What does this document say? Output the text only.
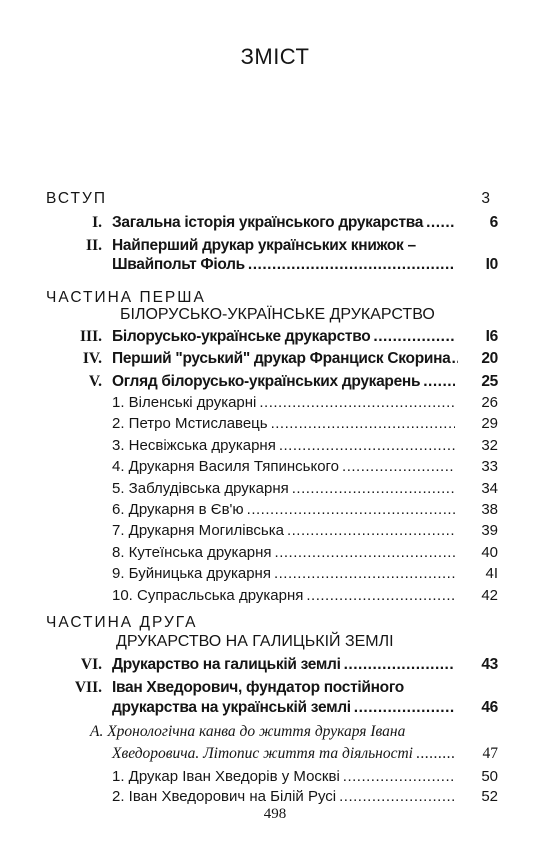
ЗМІСТ
ВСТУП	3
I. Загальна історія українського друкарства .....	6
II. Найперший друкар українських книжок –
Швайпольт Фіоль .....	I0
ЧАСТИНА ПЕРША
БІЛОРУСЬКО-УКРАЇНСЬКЕ ДРУКАРСТВО
III. Білорусько-українське друкарство .....	I6
IV. Перший "руський" друкар Франциск Скорина .....	20
V. Огляд білорусько-українських друкарень .....	25
1. Віленські друкарні .....	26
2. Петро Мстиславець .....	29
3. Несвіжська друкарня .....	32
4. Друкарня Василя Тяпинського .....	33
5. Заблудівська друкарня .....	34
6. Друкарня в Єв'ю .....	38
7. Друкарня Могилівська .....	39
8. Кутеїнська друкарня .....	40
9. Буйницька друкарня .....	4I
10. Супрасльська друкарня .....	42
ЧАСТИНА ДРУГА
ДРУКАРСТВО НА ГАЛИЦЬКІЙ ЗЕМЛІ
VI. Друкарство на галицькій землі .....	43
VII. Іван Хведорович, фундатор постійного
друкарства на українській землі .....	46
А. Хронологічна канва до життя друкаря Івана
Хведоровича. Літопис життя та діяльності .....	47
1. Друкар Іван Хведорів у Москві .....	50
2. Іван Хведорович на Білій Русі .....	52
498
